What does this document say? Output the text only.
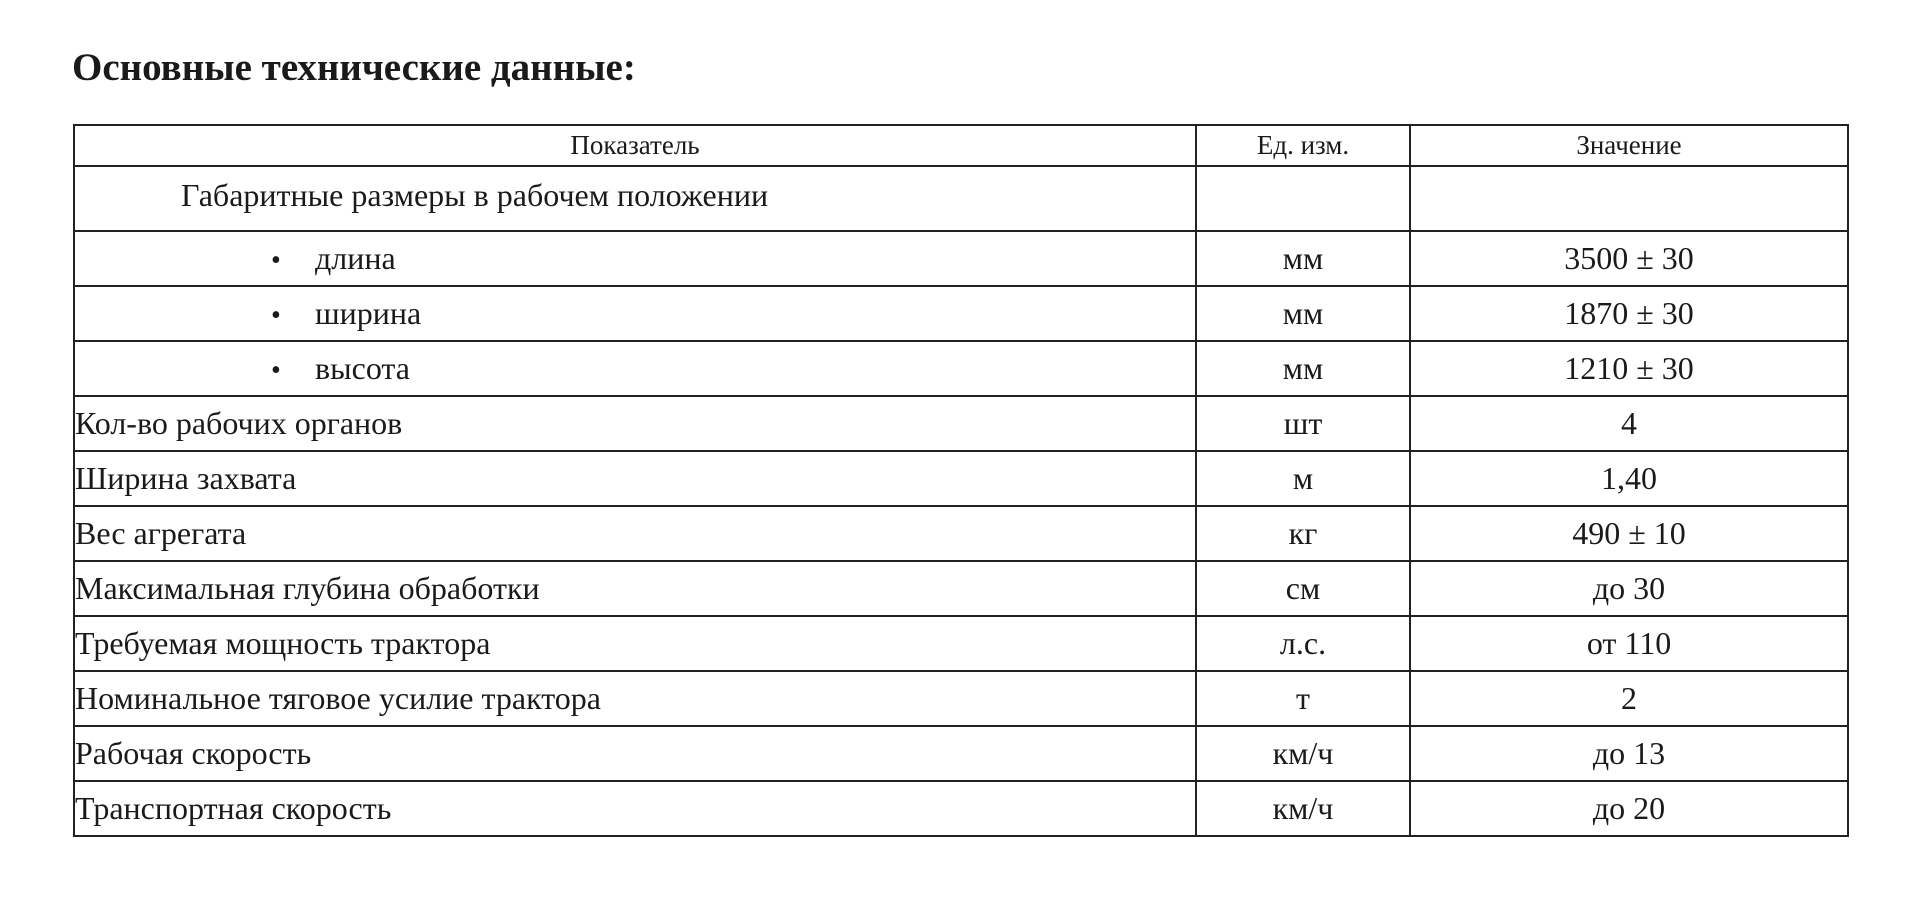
Основные технические данные:
Показатель	Ед. изм.	Значение
Габаритные размеры в рабочем положении		
• длина	мм	3500 ± 30
• ширина	мм	1870 ± 30
• высота	мм	1210 ± 30
Кол-во рабочих органов	шт	4
Ширина захвата	м	1,40
Вес агрегата	кг	490 ± 10
Максимальная глубина обработки	см	до 30
Требуемая мощность трактора	л.с.	от 110
Номинальное тяговое усилие трактора	т	2
Рабочая скорость	км/ч	до 13
Транспортная скорость	км/ч	до 20
